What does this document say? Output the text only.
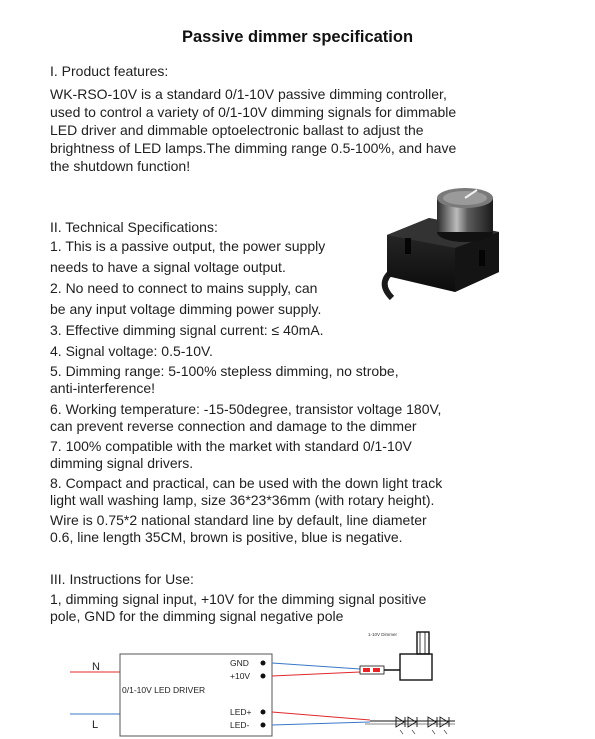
Passive dimmer specification
I. Product features:
WK-RSO-10V is a standard 0/1-10V passive dimming controller, used to control a variety of 0/1-10V dimming signals for dimmable LED driver and dimmable optoelectronic ballast to adjust the brightness of LED lamps.The dimming range 0.5-100%, and have the shutdown function!
II. Technical Specifications:
1. This is a passive output, the power supply
needs to have a signal voltage output.
2. No need to connect to mains supply, can
be any input voltage dimming power supply.
3. Effective dimming signal current: ≤ 40mA.
4. Signal voltage: 0.5-10V.
5. Dimming range: 5-100% stepless dimming, no strobe,
anti-interference!
6. Working temperature: -15-50degree, transistor voltage 180V,
can prevent reverse connection and damage to the dimmer
7. 100% compatible with the market with standard 0/1-10V
dimming signal drivers.
8. Compact and practical, can be used with the down light track
light wall washing lamp, size 36*23*36mm (with rotary height).
Wire is 0.75*2 national standard line by default, line diameter
0.6, line length 35CM, brown is positive, blue is negative.
III. Instructions for Use:
1, dimming signal input, +10V for the dimming signal positive
pole, GND for the dimming signal negative pole
N
L
0/1-10V LED DRIVER
GND
+10V
LED+
LED-
1-10V Dimmer
